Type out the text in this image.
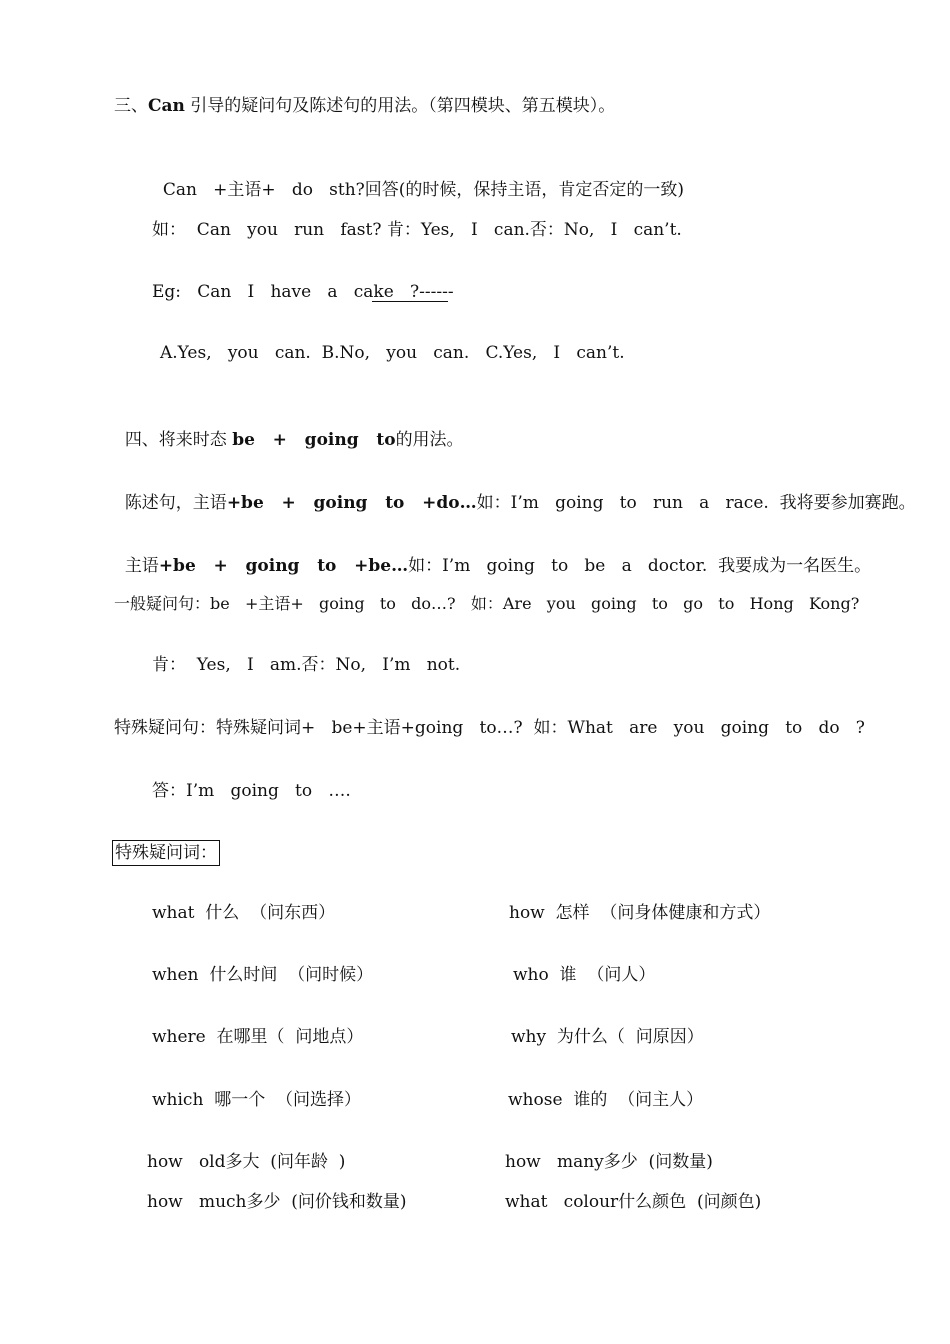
三、Can 引导的疑问句及陈述句的用法。（第四模块、第五模块）。

Can   +主语+   do   sth?回答(的时候，保持主语，肯定否定的一致)

如：  Can   you   run   fast? 肯：Yes,   I   can.否：No,   I   can’t.
Eg:   Can   I   have   a   cake   ?------
A.Yes,   you   can.  B.No,   you   can.   C.Yes,   I   can’t.

四、将来时态 be   +   going   to的用法。

陈述句，主语+be   +   going   to   +do…如：I’m   going   to   run   a   race.  我将要参加赛跑。

主语+be   +   going   to   +be…如：I’m   going   to   be   a   doctor.  我要成为一名医生。

一般疑问句：be   +主语+   going   to   do…?   如：Are   you   going   to   go   to   Hong   Kong?
肯：  Yes,   I   am.否：No,   I’m   not.
特殊疑问句：特殊疑问词+   be+主语+going   to…?  如：What   are   you   going   to   do   ?
答：I’m   going   to   ….
特殊疑问词：
what  什么  （问东西）	how  怎样  （问身体健康和方式）
when  什么时间  （问时候）	who  谁  （问人）
where  在哪里（  问地点）	why  为什么（  问原因）
which  哪一个  （问选择）	whose  谁的  （问主人）
how   old多大  (问年龄  )	how   many多少  (问数量)
how   much多少  (问价钱和数量)	what   colour什么颜色  (问颜色)
